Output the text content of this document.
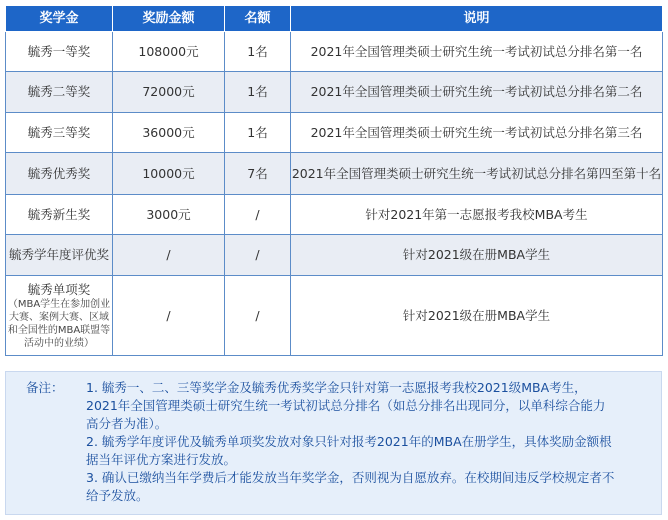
奖学金	奖励金额	名额	说明
毓秀一等奖	108000元	1名	2021年全国管理类硕士研究生统一考试初试总分排名第一名
毓秀二等奖	72000元	1名	2021年全国管理类硕士研究生统一考试初试总分排名第二名
毓秀三等奖	36000元	1名	2021年全国管理类硕士研究生统一考试初试总分排名第三名
毓秀优秀奖	10000元	7名	2021年全国管理类硕士研究生统一考试初试总分排名第四至第十名
毓秀新生奖	3000元	/	针对2021年第一志愿报考我校MBA考生
毓秀学年度评优奖	/	/	针对2021级在册MBA学生

毓秀单项奖
（MBA学生在参加创业大赛、案例大赛、区域和全国性的MBA联盟等活动中的业绩）	/	/	针对2021级在册MBA学生
备注：	1. 毓秀一、二、三等奖学金及毓秀优秀奖学金只针对第一志愿报考我校2021级MBA考生，
2021年全国管理类硕士研究生统一考试初试总分排名（如总分排名出现同分，以单科综合能力
高分者为准）。
2. 毓秀学年度评优及毓秀单项奖发放对象只针对报考2021年的MBA在册学生，具体奖励金额根
据当年评优方案进行发放。
3. 确认已缴纳当年学费后才能发放当年奖学金，否则视为自愿放弃。在校期间违反学校规定者不
给予发放。
